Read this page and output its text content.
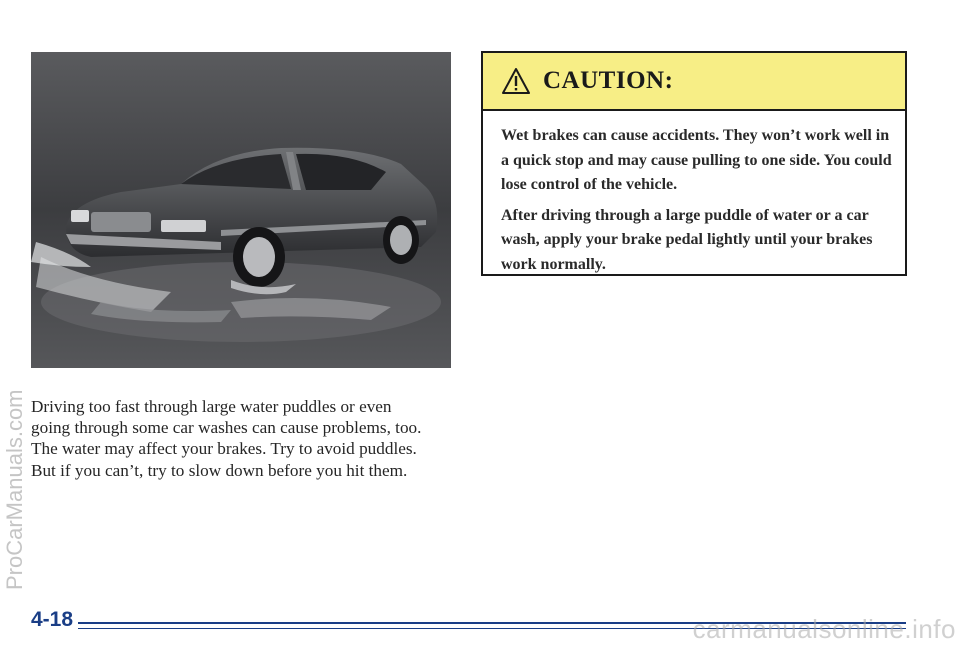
Driving too fast through large water puddles or even

going through some car washes can cause problems, too.

The water may affect your brakes. Try to avoid puddles.

But if you can’t, try to slow down before you hit them.

CAUTION:

Wet brakes can cause accidents. They won’t work well in a quick stop and may cause pulling to one side. You could lose control of the vehicle.

After driving through a large puddle of water or a car wash, apply your brake pedal lightly until your brakes work normally.

4-18
ProCarManuals.com
carmanualsonline.info
